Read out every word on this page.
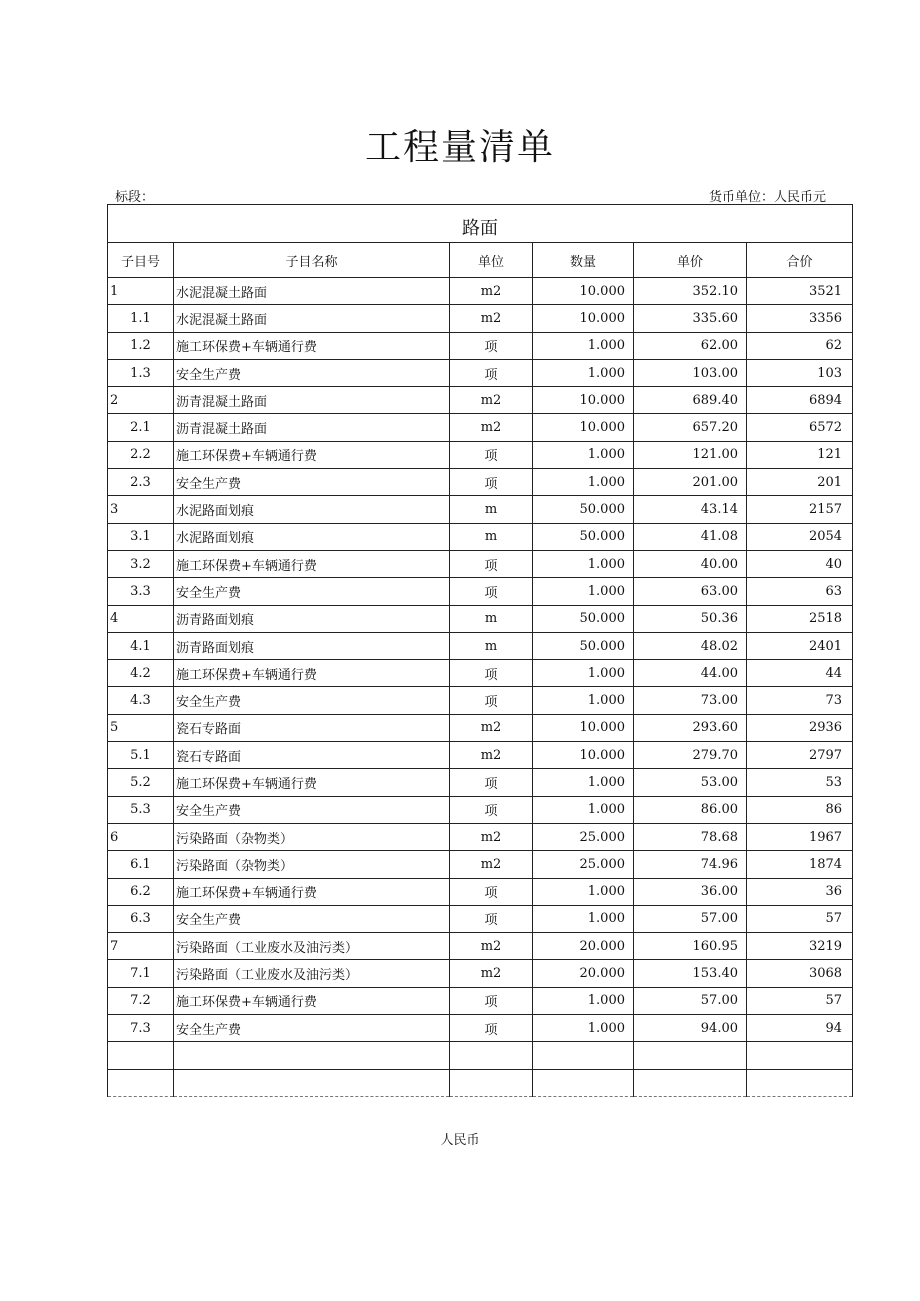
工程量清单
标段：	货币单位：人民币元
路面					
子目号	子目名称	单位	数量	单价	合价
1	水泥混凝土路面	m2	10.000	352.10	3521
1.1	水泥混凝土路面	m2	10.000	335.60	3356
1.2	施工环保费+车辆通行费	项	1.000	62.00	62
1.3	安全生产费	项	1.000	103.00	103
2	沥青混凝土路面	m2	10.000	689.40	6894
2.1	沥青混凝土路面	m2	10.000	657.20	6572
2.2	施工环保费+车辆通行费	项	1.000	121.00	121
2.3	安全生产费	项	1.000	201.00	201
3	水泥路面划痕	m	50.000	43.14	2157
3.1	水泥路面划痕	m	50.000	41.08	2054
3.2	施工环保费+车辆通行费	项	1.000	40.00	40
3.3	安全生产费	项	1.000	63.00	63
4	沥青路面划痕	m	50.000	50.36	2518
4.1	沥青路面划痕	m	50.000	48.02	2401
4.2	施工环保费+车辆通行费	项	1.000	44.00	44
4.3	安全生产费	项	1.000	73.00	73
5	瓷石专路面	m2	10.000	293.60	2936
5.1	瓷石专路面	m2	10.000	279.70	2797
5.2	施工环保费+车辆通行费	项	1.000	53.00	53
5.3	安全生产费	项	1.000	86.00	86
6	污染路面（杂物类）	m2	25.000	78.68	1967
6.1	污染路面（杂物类）	m2	25.000	74.96	1874
6.2	施工环保费+车辆通行费	项	1.000	36.00	36
6.3	安全生产费	项	1.000	57.00	57
7	污染路面（工业废水及油污类）	m2	20.000	160.95	3219
7.1	污染路面（工业废水及油污类）	m2	20.000	153.40	3068
7.2	施工环保费+车辆通行费	项	1.000	57.00	57
7.3	安全生产费	项	1.000	94.00	94

人民币
